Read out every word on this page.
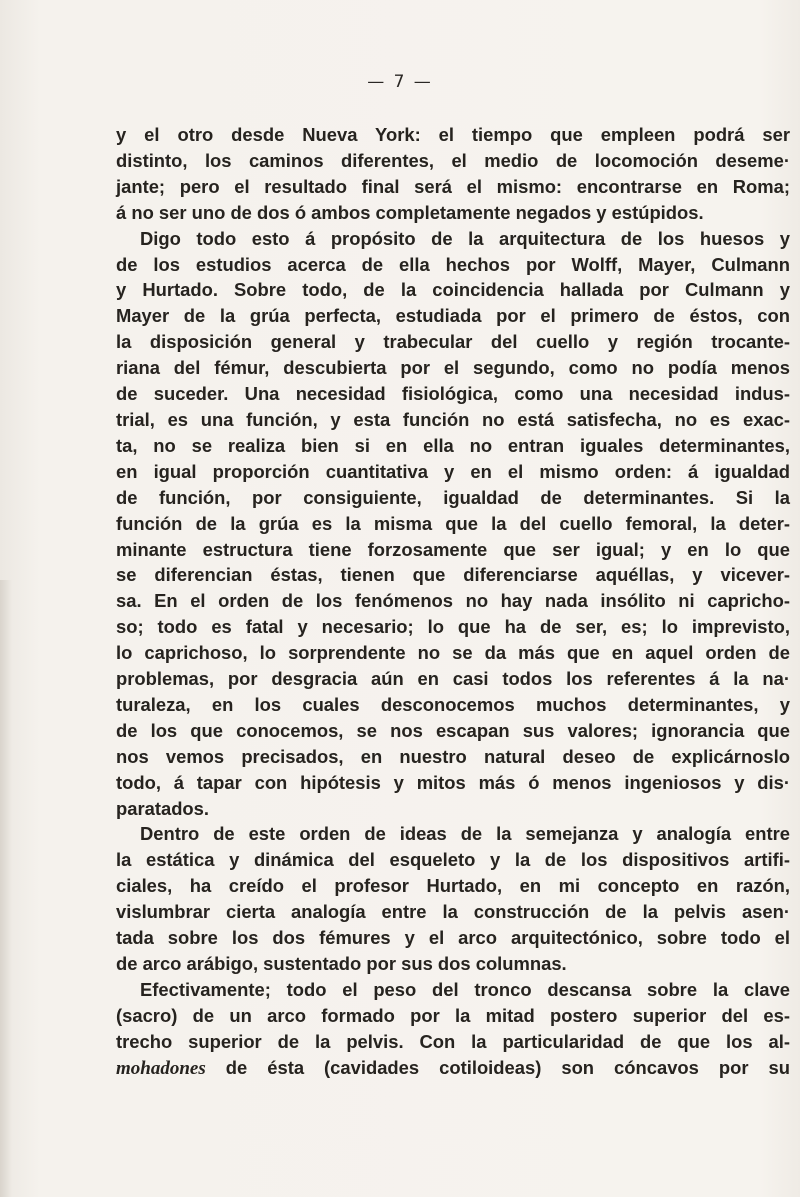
— 7 —
y el otro desde Nueva York: el tiempo que empleen podrá ser
distinto, los caminos diferentes, el medio de locomoción deseme·
jante; pero el resultado final será el mismo: encontrarse en Roma;
á no ser uno de dos ó ambos completamente negados y estúpidos.
Digo todo esto á propósito de la arquitectura de los huesos y
de los estudios acerca de ella hechos por Wolff, Mayer, Culmann
y Hurtado. Sobre todo, de la coincidencia hallada por Culmann y
Mayer de la grúa perfecta, estudiada por el primero de éstos, con
la disposición general y trabecular del cuello y región trocante-
riana del fémur, descubierta por el segundo, como no podía menos
de suceder. Una necesidad fisiológica, como una necesidad indus-
trial, es una función, y esta función no está satisfecha, no es exac-
ta, no se realiza bien si en ella no entran iguales determinantes,
en igual proporción cuantitativa y en el mismo orden: á igualdad
de función, por consiguiente, igualdad de determinantes. Si la
función de la grúa es la misma que la del cuello femoral, la deter-
minante estructura tiene forzosamente que ser igual; y en lo que
se diferencian éstas, tienen que diferenciarse aquéllas, y vicever-
sa. En el orden de los fenómenos no hay nada insólito ni capricho-
so; todo es fatal y necesario; lo que ha de ser, es; lo imprevisto,
lo caprichoso, lo sorprendente no se da más que en aquel orden de
problemas, por desgracia aún en casi todos los referentes á la na·
turaleza, en los cuales desconocemos muchos determinantes, y
de los que conocemos, se nos escapan sus valores; ignorancia que
nos vemos precisados, en nuestro natural deseo de explicárnoslo
todo, á tapar con hipótesis y mitos más ó menos ingeniosos y dis·
paratados.
Dentro de este orden de ideas de la semejanza y analogía entre
la estática y dinámica del esqueleto y la de los dispositivos artifi-
ciales, ha creído el profesor Hurtado, en mi concepto en razón,
vislumbrar cierta analogía entre la construcción de la pelvis asen·
tada sobre los dos fémures y el arco arquitectónico, sobre todo el
de arco arábigo, sustentado por sus dos columnas.
Efectivamente; todo el peso del tronco descansa sobre la clave
(sacro) de un arco formado por la mitad postero superior del es-
trecho superior de la pelvis. Con la particularidad de que los al-
mohadones de ésta (cavidades cotiloideas) son cóncavos por su
